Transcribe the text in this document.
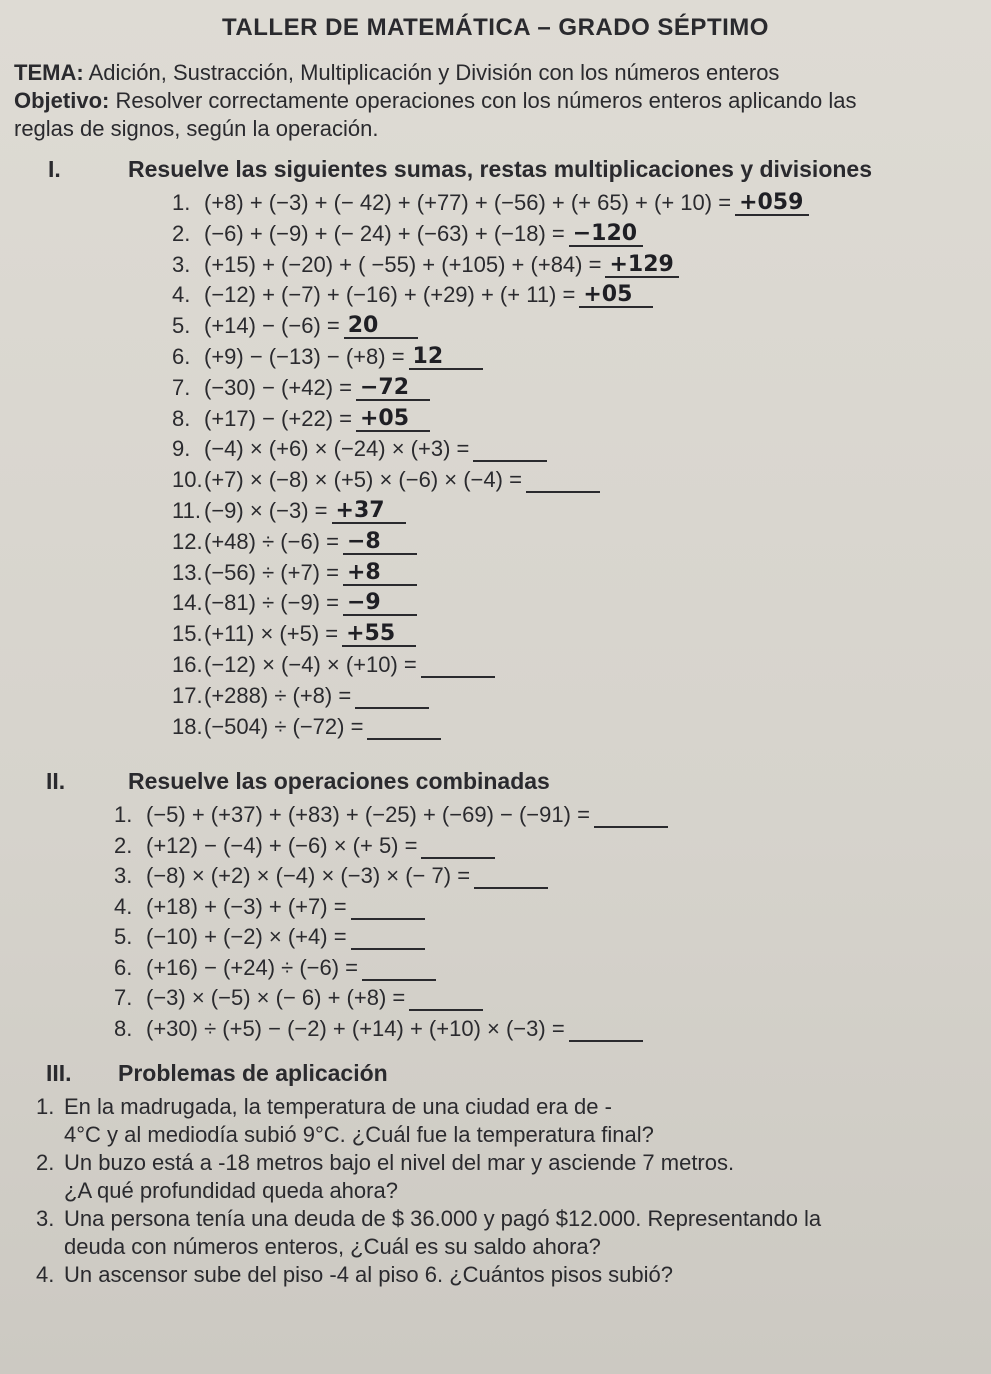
TALLER DE MATEMÁTICA – GRADO SÉPTIMO
TEMA: Adición, Sustracción, Multiplicación y División con los números enteros
Objetivo: Resolver correctamente operaciones con los números enteros aplicando las
reglas de signos, según la operación.
I.	Resuelve las siguientes sumas, restas multiplicaciones y divisiones
1. (+8) + (−3) + (− 42) + (+77) + (−56) + (+ 65) + (+ 10) = +059
2. (−6) + (−9) + (− 24) + (−63) + (−18) = −120
3. (+15) + (−20) + ( −55) + (+105) + (+84) = +129
4. (−12) + (−7) + (−16) + (+29) + (+ 11) = +05
5. (+14) − (−6) = 20
6. (+9) − (−13) − (+8) = 12
7. (−30) − (+42) = −72
8. (+17) − (+22) = +05
9. (−4) × (+6) × (−24) × (+3) =
10.(+7) × (−8) × (+5) × (−6) × (−4) =
11. (−9) × (−3) = +37
12.(+48) ÷ (−6) = −8
13.(−56) ÷ (+7) = +8
14.(−81) ÷ (−9) = −9
15.(+11) × (+5) = +55
16.(−12) × (−4) × (+10) =
17.(+288) ÷ (+8) =
18.(−504) ÷ (−72) =
II.	Resuelve las operaciones combinadas
1. (−5) + (+37) + (+83) + (−25) + (−69) − (−91) =
2. (+12) − (−4) + (−6) × (+ 5) =
3. (−8) × (+2) × (−4) × (−3) × (− 7) =
4. (+18) + (−3) + (+7) =
5. (−10) + (−2) × (+4) =
6. (+16) − (+24) ÷ (−6) =
7. (−3) × (−5) × (− 6) + (+8) =
8. (+30) ÷ (+5) − (−2) + (+14) + (+10) × (−3) =
III. Problemas de aplicación
1. En la madrugada, la temperatura de una ciudad era de -
4°C y al mediodía subió 9°C. ¿Cuál fue la temperatura final?
2. Un buzo está a -18 metros bajo el nivel del mar y asciende 7 metros.
¿A qué profundidad queda ahora?
3. Una persona tenía una deuda de $ 36.000 y pagó $12.000. Representando la
deuda con números enteros, ¿Cuál es su saldo ahora?
4. Un ascensor sube del piso -4 al piso 6. ¿Cuántos pisos subió?
